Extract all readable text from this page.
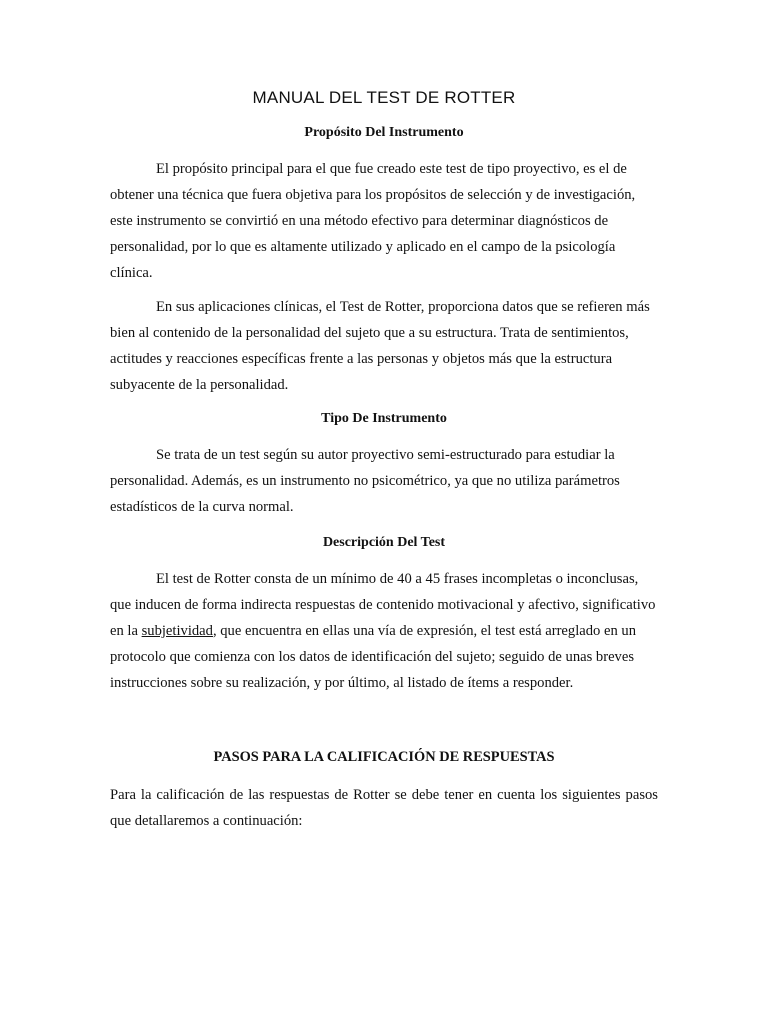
MANUAL DEL TEST DE ROTTER
Propósito Del Instrumento

El propósito principal para el que fue creado este test de tipo proyectivo, es el de obtener una técnica que fuera objetiva para los propósitos de selección y de investigación, este instrumento se convirtió en una método efectivo para determinar diagnósticos de personalidad, por lo que es altamente utilizado y aplicado en el campo de la psicología clínica.

En sus aplicaciones clínicas, el Test de Rotter, proporciona datos que se refieren más bien al contenido de la personalidad del sujeto que a su estructura. Trata de sentimientos, actitudes y reacciones específicas frente a las personas y objetos más que la estructura subyacente de la personalidad.

Tipo De Instrumento

Se trata de un test según su autor proyectivo semi-estructurado para estudiar la personalidad. Además, es un instrumento no psicométrico, ya que no utiliza parámetros estadísticos de la curva normal.

Descripción Del Test

El test de Rotter consta de un mínimo de 40 a 45 frases incompletas o inconclusas, que inducen de forma indirecta respuestas de contenido motivacional y afectivo, significativo en la subjetividad, que encuentra en ellas una vía de expresión, el test está arreglado en un protocolo que comienza con los datos de identificación del sujeto; seguido de unas breves instrucciones sobre su realización, y por último, al listado de ítems a responder.

PASOS PARA LA CALIFICACIÓN DE RESPUESTAS

Para la calificación de las respuestas de Rotter se debe tener en cuenta los siguientes pasos que detallaremos a continuación:
